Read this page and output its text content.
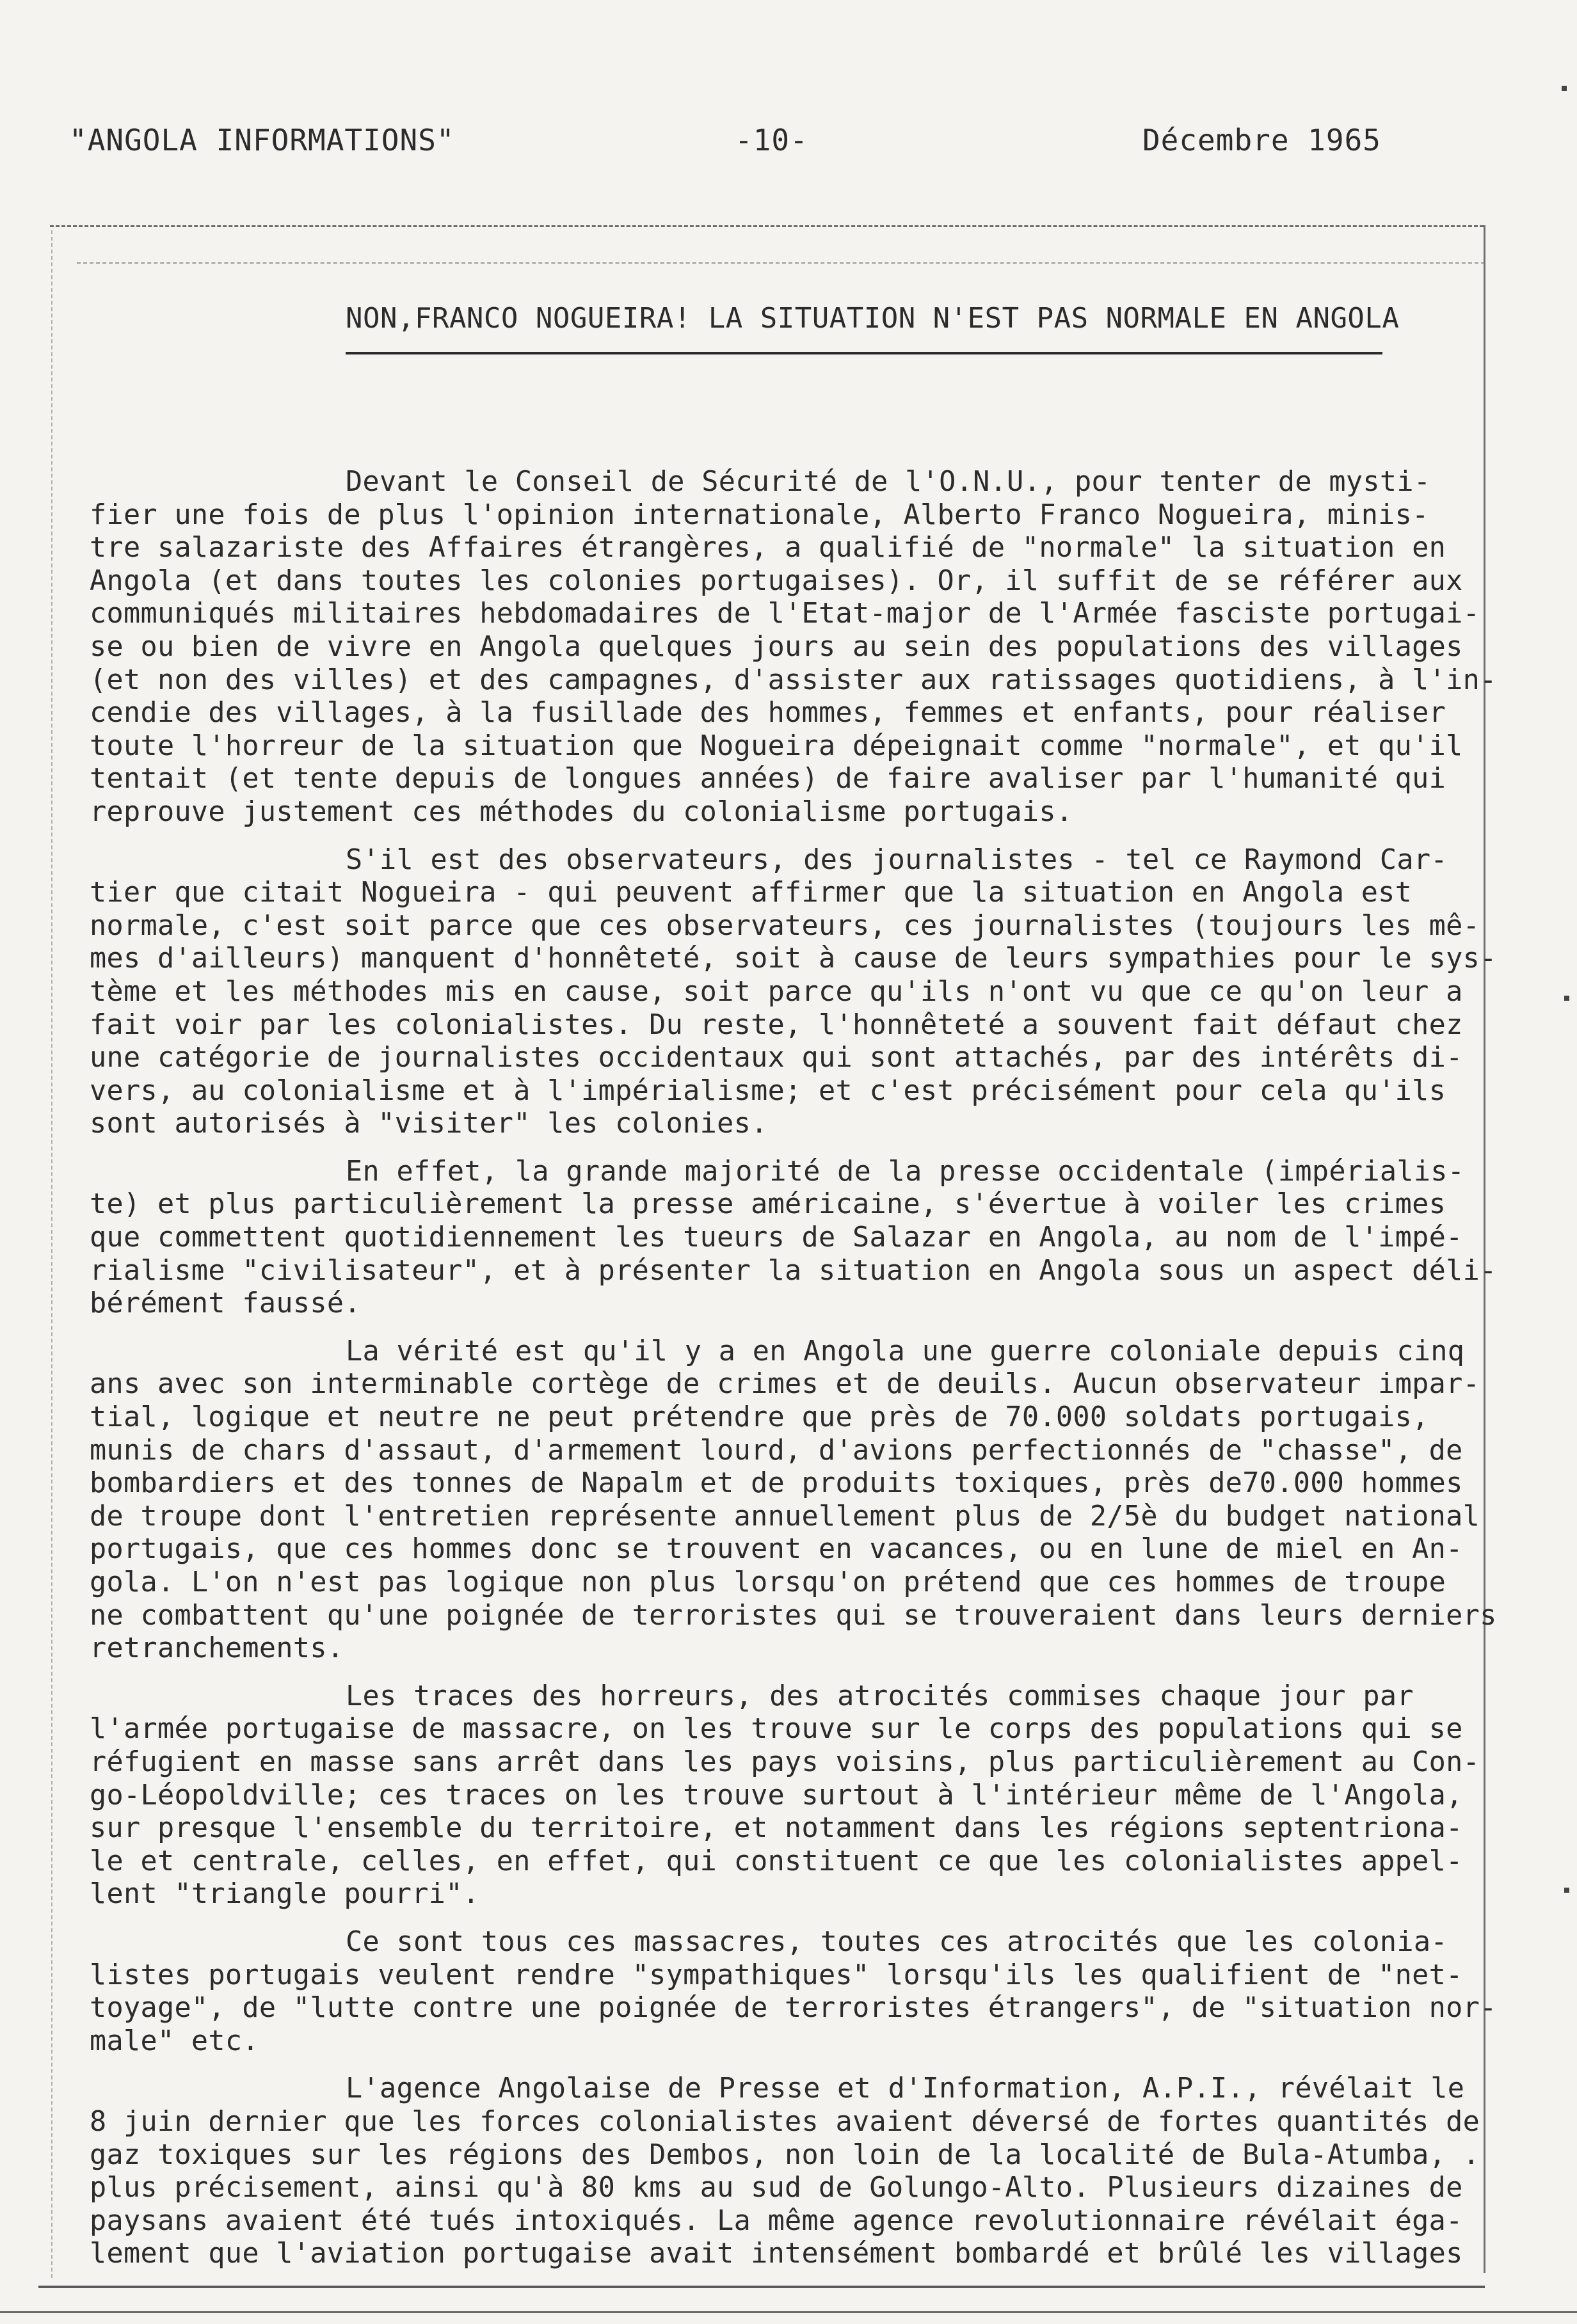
"ANGOLA INFORMATIONS"	-10-	Décembre 1965
NON,FRANCO NOGUEIRA! LA SITUATION N'EST PAS NORMALE EN ANGOLA
Devant le Conseil de Sécurité de l'O.N.U., pour tenter de mysti-
fier une fois de plus l'opinion internationale, Alberto Franco Nogueira, minis-
tre salazariste des Affaires étrangères, a qualifié de "normale" la situation en
Angola (et dans toutes les colonies portugaises). Or, il suffit de se référer aux
communiqués militaires hebdomadaires de l'Etat-major de l'Armée fasciste portugai-
se ou bien de vivre en Angola quelques jours au sein des populations des villages
(et non des villes) et des campagnes, d'assister aux ratissages quotidiens, à l'in-
cendie des villages, à la fusillade des hommes, femmes et enfants, pour réaliser
toute l'horreur de la situation que Nogueira dépeignait comme "normale", et qu'il
tentait (et tente depuis de longues années) de faire avaliser par l'humanité qui
reprouve justement ces méthodes du colonialisme portugais.
S'il est des observateurs, des journalistes - tel ce Raymond Car-
tier que citait Nogueira - qui peuvent affirmer que la situation en Angola est
normale, c'est soit parce que ces observateurs, ces journalistes (toujours les mê-
mes d'ailleurs) manquent d'honnêteté, soit à cause de leurs sympathies pour le sys-
tème et les méthodes mis en cause, soit parce qu'ils n'ont vu que ce qu'on leur a
fait voir par les colonialistes. Du reste, l'honnêteté a souvent fait défaut chez
une catégorie de journalistes occidentaux qui sont attachés, par des intérêts di-
vers, au colonialisme et à l'impérialisme; et c'est précisément pour cela qu'ils
sont autorisés à "visiter" les colonies.
En effet, la grande majorité de la presse occidentale (impérialis-
te) et plus particulièrement la presse américaine, s'évertue à voiler les crimes
que commettent quotidiennement les tueurs de Salazar en Angola, au nom de l'impé-
rialisme "civilisateur", et à présenter la situation en Angola sous un aspect déli-
bérément faussé.
La vérité est qu'il y a en Angola une guerre coloniale depuis cinq
ans avec son interminable cortège de crimes et de deuils. Aucun observateur impar-
tial, logique et neutre ne peut prétendre que près de 70.000 soldats portugais,
munis de chars d'assaut, d'armement lourd, d'avions perfectionnés de "chasse", de
bombardiers et des tonnes de Napalm et de produits toxiques, près de70.000 hommes
de troupe dont l'entretien représente annuellement plus de 2/5è du budget national
portugais, que ces hommes donc se trouvent en vacances, ou en lune de miel en An-
gola. L'on n'est pas logique non plus lorsqu'on prétend que ces hommes de troupe
ne combattent qu'une poignée de terroristes qui se trouveraient dans leurs derniers
retranchements.
Les traces des horreurs, des atrocités commises chaque jour par
l'armée portugaise de massacre, on les trouve sur le corps des populations qui se
réfugient en masse sans arrêt dans les pays voisins, plus particulièrement au Con-
go-Léopoldville; ces traces on les trouve surtout à l'intérieur même de l'Angola,
sur presque l'ensemble du territoire, et notamment dans les régions septentriona-
le et centrale, celles, en effet, qui constituent ce que les colonialistes appel-
lent "triangle pourri".
Ce sont tous ces massacres, toutes ces atrocités que les colonia-
listes portugais veulent rendre "sympathiques" lorsqu'ils les qualifient de "net-
toyage", de "lutte contre une poignée de terroristes étrangers", de "situation nor-
male" etc.
L'agence Angolaise de Presse et d'Information, A.P.I., révélait le
8 juin dernier que les forces colonialistes avaient déversé de fortes quantités de
gaz toxiques sur les régions des Dembos, non loin de la localité de Bula-Atumba, .
plus précisement, ainsi qu'à 80 kms au sud de Golungo-Alto. Plusieurs dizaines de
paysans avaient été tués intoxiqués. La même agence revolutionnaire révélait éga-
lement que l'aviation portugaise avait intensément bombardé et brûlé les villages
